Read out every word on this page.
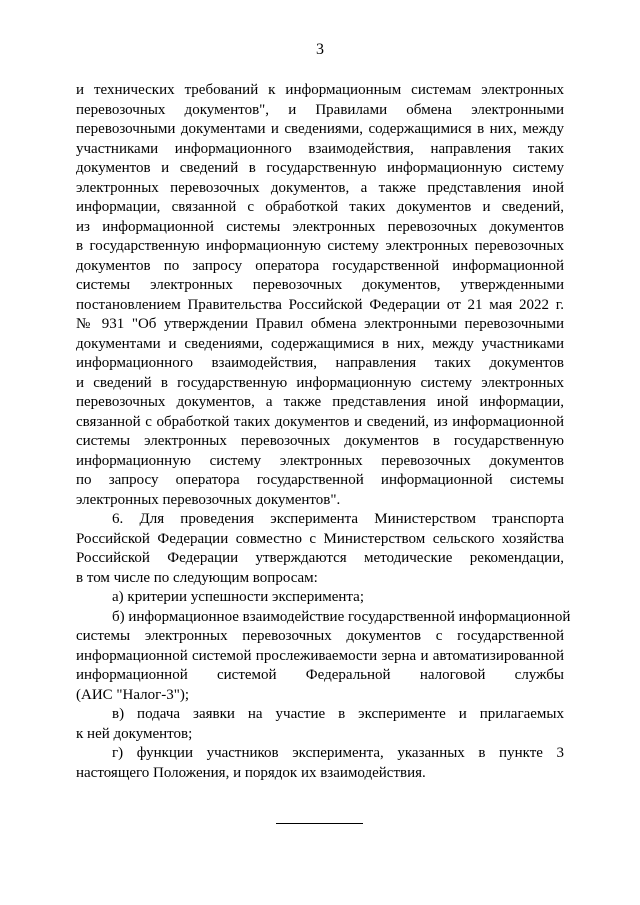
3
и технических требований к информационным системам электронных
перевозочных документов", и Правилами обмена электронными
перевозочными документами и сведениями, содержащимися в них, между
участниками информационного взаимодействия, направления таких
документов и сведений в государственную информационную систему
электронных перевозочных документов, а также представления иной
информации, связанной с обработкой таких документов и сведений,
из информационной системы электронных перевозочных документов
в государственную информационную систему электронных перевозочных
документов по запросу оператора государственной информационной
системы электронных перевозочных документов, утвержденными
постановлением Правительства Российской Федерации от 21 мая 2022 г.
№ 931 "Об утверждении Правил обмена электронными перевозочными
документами и сведениями, содержащимися в них, между участниками
информационного взаимодействия, направления таких документов
и сведений в государственную информационную систему электронных
перевозочных документов, а также представления иной информации,
связанной с обработкой таких документов и сведений, из информационной
системы электронных перевозочных документов в государственную
информационную систему электронных перевозочных документов
по запросу оператора государственной информационной системы
электронных перевозочных документов".
6. Для проведения эксперимента Министерством транспорта
Российской Федерации совместно с Министерством сельского хозяйства
Российской Федерации утверждаются методические рекомендации,
в том числе по следующим вопросам:
а) критерии успешности эксперимента;
б) информационное взаимодействие государственной информационной
системы электронных перевозочных документов с государственной
информационной системой прослеживаемости зерна и автоматизированной
информационной системой Федеральной налоговой службы
(АИС "Налог-3");
в) подача заявки на участие в эксперименте и прилагаемых
к ней документов;
г) функции участников эксперимента, указанных в пункте 3
настоящего Положения, и порядок их взаимодействия.
